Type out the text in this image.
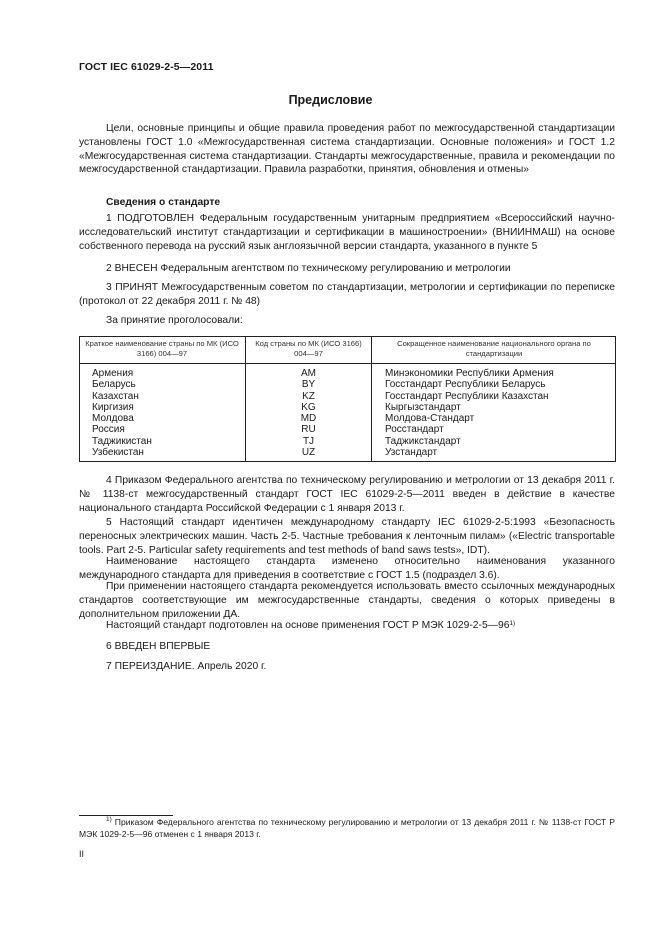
ГОСТ IEC 61029-2-5—2011
Предисловие

Цели, основные принципы и общие правила проведения работ по межгосударственной стандартизации установлены ГОСТ 1.0 «Межгосударственная система стандартизации. Основные положения» и ГОСТ 1.2 «Межгосударственная система стандартизации. Стандарты межгосударственные, правила и рекомендации по межгосударственной стандартизации. Правила разработки, принятия, обновления и отмены»

Сведения о стандарте

1 ПОДГОТОВЛЕН Федеральным государственным унитарным предприятием «Всероссийский научно-исследовательский институт стандартизации и сертификации в машиностроении» (ВНИИНМАШ) на основе собственного перевода на русский язык англоязычной версии стандарта, указанного в пункте 5

2 ВНЕСЕН Федеральным агентством по техническому регулированию и метрологии

3 ПРИНЯТ Межгосударственным советом по стандартизации, метрологии и сертификации по переписке (протокол от 22 декабря 2011 г. № 48)

За принятие проголосовали:

Краткое наименование страны по МК (ИСО 3166) 004—97	Код страны по МК (ИСО 3166) 004—97	Сокращенное наименование национального органа по стандартизации
Армения	AM	Минэкономики Республики Армения
Беларусь	BY	Госстандарт Республики Беларусь
Казахстан	KZ	Госстандарт Республики Казахстан
Киргизия	KG	Кыргызстандарт
Молдова	MD	Молдова-Стандарт
Россия	RU	Росстандарт
Таджикистан	TJ	Таджикстандарт
Узбекистан	UZ	Узстандарт

4 Приказом Федерального агентства по техническому регулированию и метрологии от 13 декабря 2011 г. № 1138-ст межгосударственный стандарт ГОСТ IEC 61029-2-5—2011 введен в действие в качестве национального стандарта Российской Федерации с 1 января 2013 г.

5 Настоящий стандарт идентичен международному стандарту IEC 61029-2-5:1993 «Безопасность переносных электрических машин. Часть 2-5. Частные требования к ленточным пилам» («Electric transportable tools. Part 2-5. Particular safety requirements and test methods of band saws tests», IDT).

Наименование настоящего стандарта изменено относительно наименования указанного международного стандарта для приведения в соответствие с ГОСТ 1.5 (подраздел 3.6).

При применении настоящего стандарта рекомендуется использовать вместо ссылочных международных стандартов соответствующие им межгосударственные стандарты, сведения о которых приведены в дополнительном приложении ДА.

Настоящий стандарт подготовлен на основе применения ГОСТ Р МЭК 1029-2-5—96$^{1)}$

6 ВВЕДЕН ВПЕРВЫЕ

7 ПЕРЕИЗДАНИЕ. Апрель 2020 г.

$^{1)}$ Приказом Федерального агентства по техническому регулированию и метрологии от 13 декабря 2011 г. № 1138-ст ГОСТ Р МЭК 1029-2-5—96 отменен с 1 января 2013 г.

II
